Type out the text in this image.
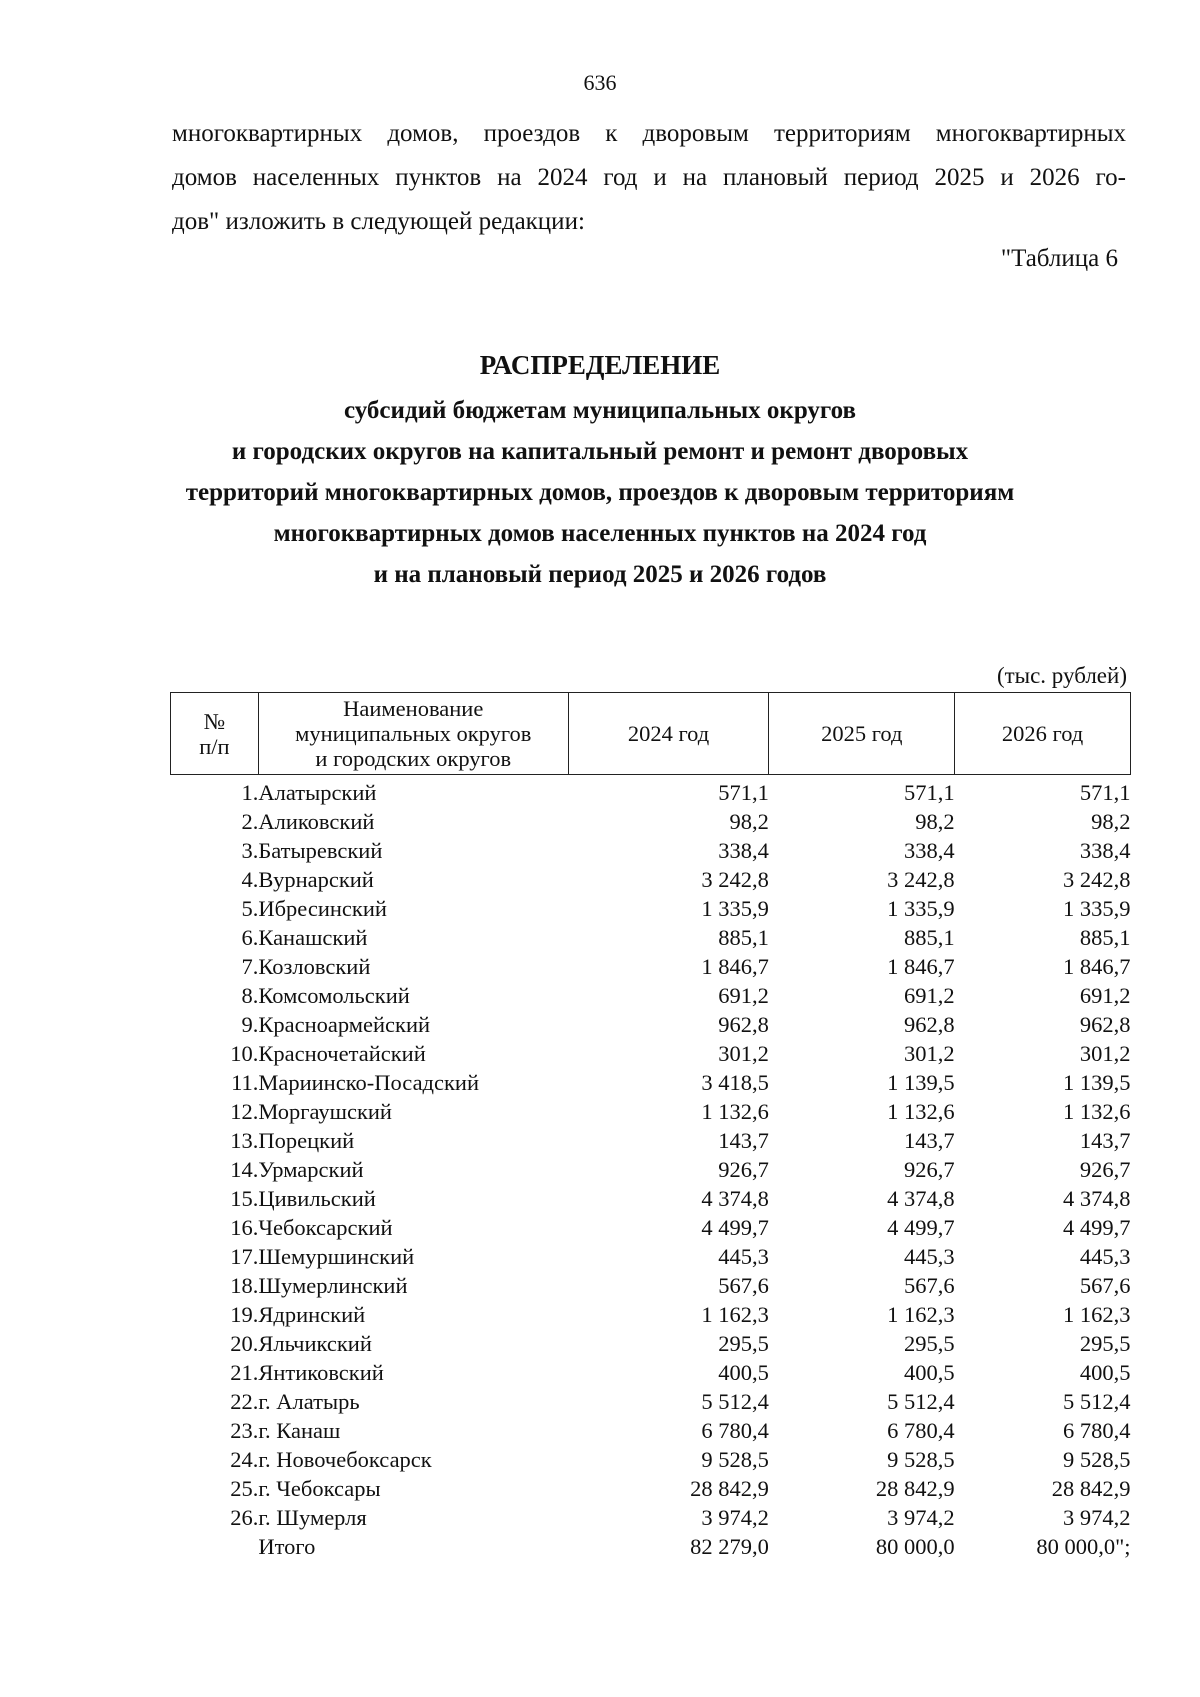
636
многоквартирных домов, проездов к дворовым территориям многоквартирных
домов населенных пунктов на 2024 год и на плановый период 2025 и 2026 го-
дов" изложить в следующей редакции:
"Таблица 6
РАСПРЕДЕЛЕНИЕ
субсидий бюджетам муниципальных округов
и городских округов на капитальный ремонт и ремонт дворовых
территорий многоквартирных домов, проездов к дворовым территориям
многоквартирных домов населенных пунктов на 2024 год
и на плановый период 2025 и 2026 годов
(тыс. рублей)
№
п/п	Наименование
муниципальных округов
и городских округов	2024 год	2025 год	2026 год
1.	Алатырский	571,1	571,1	571,1
2.	Аликовский	98,2	98,2	98,2
3.	Батыревский	338,4	338,4	338,4
4.	Вурнарский	3 242,8	3 242,8	3 242,8
5.	Ибресинский	1 335,9	1 335,9	1 335,9
6.	Канашский	885,1	885,1	885,1
7.	Козловский	1 846,7	1 846,7	1 846,7
8.	Комсомольский	691,2	691,2	691,2
9.	Красноармейский	962,8	962,8	962,8
10.	Красночетайский	301,2	301,2	301,2
11.	Мариинско-Посадский	3 418,5	1 139,5	1 139,5
12.	Моргаушский	1 132,6	1 132,6	1 132,6
13.	Порецкий	143,7	143,7	143,7
14.	Урмарский	926,7	926,7	926,7
15.	Цивильский	4 374,8	4 374,8	4 374,8
16.	Чебоксарский	4 499,7	4 499,7	4 499,7
17.	Шемуршинский	445,3	445,3	445,3
18.	Шумерлинский	567,6	567,6	567,6
19.	Ядринский	1 162,3	1 162,3	1 162,3
20.	Яльчикский	295,5	295,5	295,5
21.	Янтиковский	400,5	400,5	400,5
22.	г. Алатырь	5 512,4	5 512,4	5 512,4
23.	г. Канаш	6 780,4	6 780,4	6 780,4
24.	г. Новочебоксарск	9 528,5	9 528,5	9 528,5
25.	г. Чебоксары	28 842,9	28 842,9	28 842,9
26.	г. Шумерля	3 974,2	3 974,2	3 974,2
	Итого	82 279,0	80 000,0	80 000,0";
